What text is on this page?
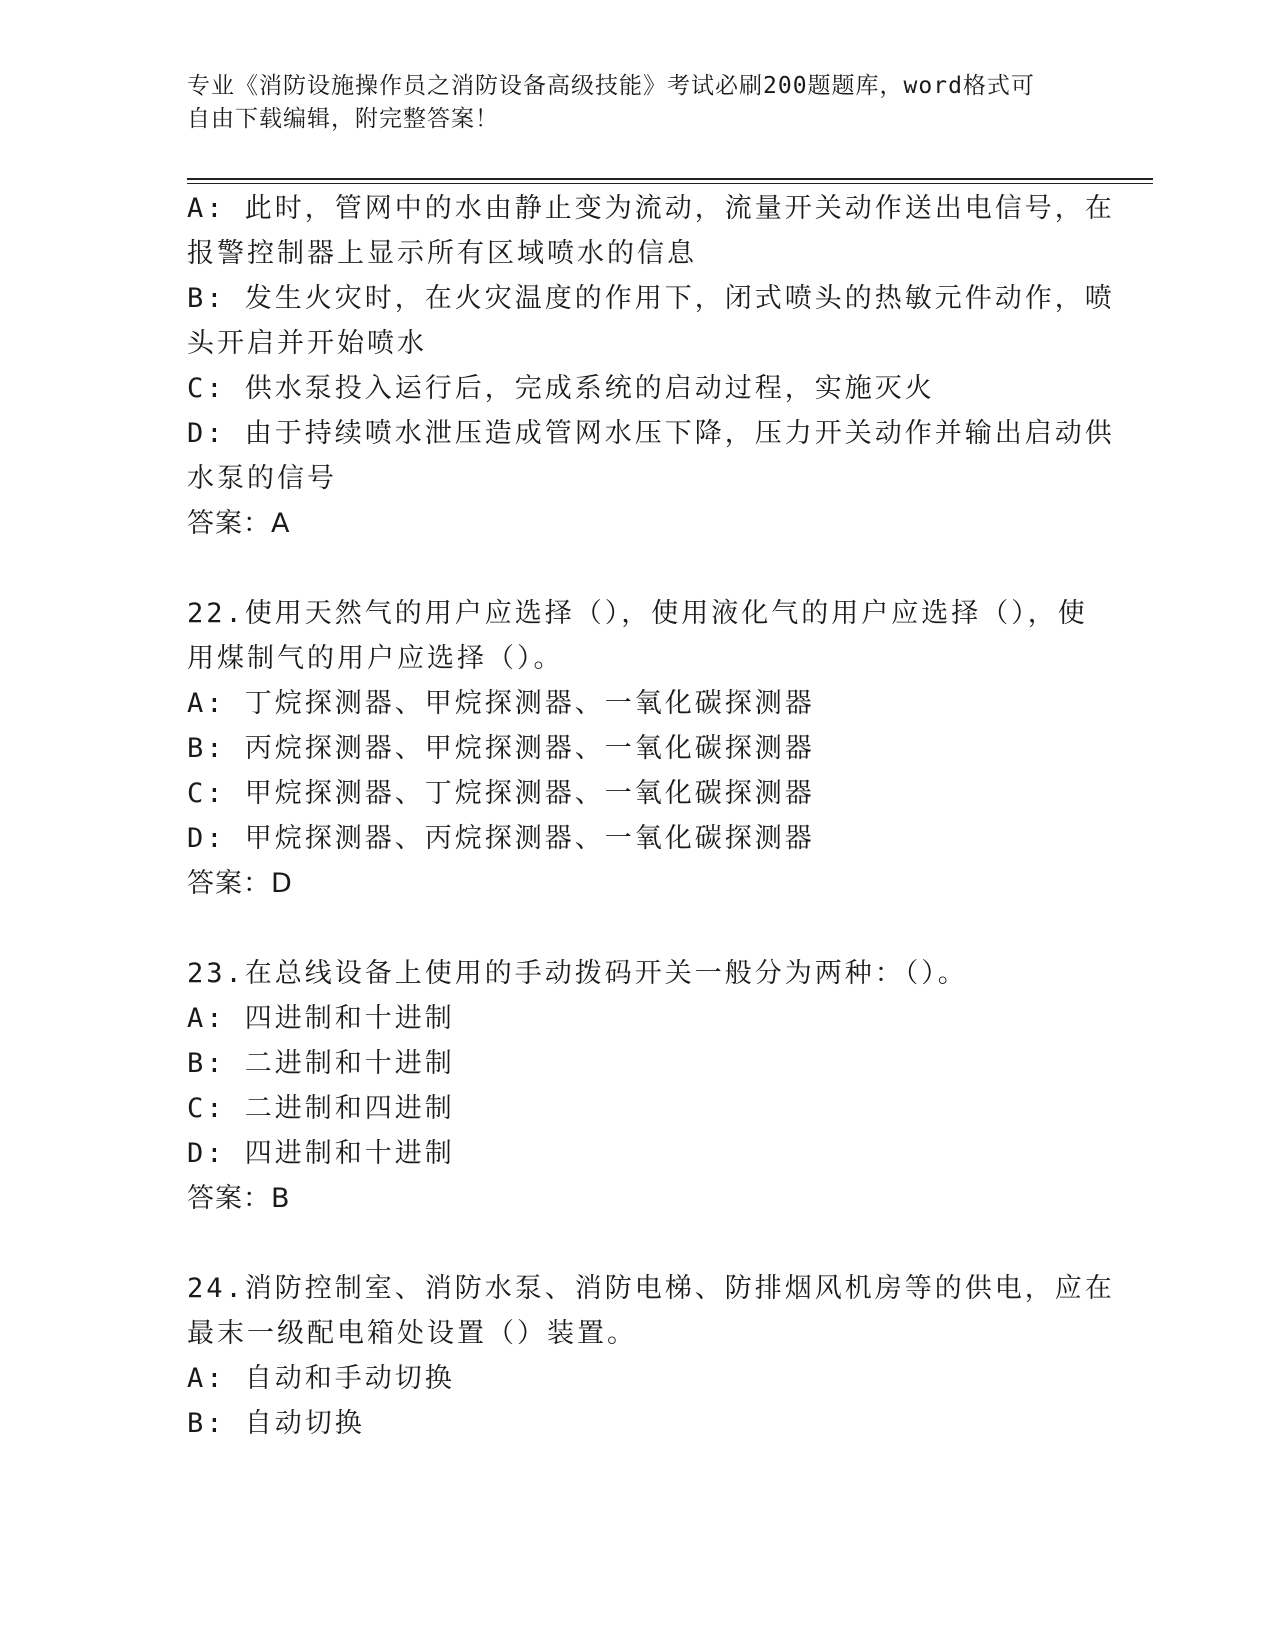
专业《消防设施操作员之消防设备高级技能》考试必刷200题题库，word格式可
自由下载编辑，附完整答案！
A: 此时，管网中的水由静止变为流动，流量开关动作送出电信号，在
报警控制器上显示所有区域喷水的信息
B: 发生火灾时，在火灾温度的作用下，闭式喷头的热敏元件动作，喷
头开启并开始喷水
C: 供水泵投入运行后，完成系统的启动过程，实施灭火
D: 由于持续喷水泄压造成管网水压下降，压力开关动作并输出启动供
水泵的信号
答案：A
22.使用天然气的用户应选择（），使用液化气的用户应选择（），使
用煤制气的用户应选择（）。
A: 丁烷探测器、甲烷探测器、一氧化碳探测器
B: 丙烷探测器、甲烷探测器、一氧化碳探测器
C: 甲烷探测器、丁烷探测器、一氧化碳探测器
D: 甲烷探测器、丙烷探测器、一氧化碳探测器
答案：D
23.在总线设备上使用的手动拨码开关一般分为两种：（）。
A: 四进制和十进制
B: 二进制和十进制
C: 二进制和四进制
D: 四进制和十进制
答案：B
24.消防控制室、消防水泵、消防电梯、防排烟风机房等的供电，应在
最末一级配电箱处设置（）装置。
A: 自动和手动切换
B: 自动切换
